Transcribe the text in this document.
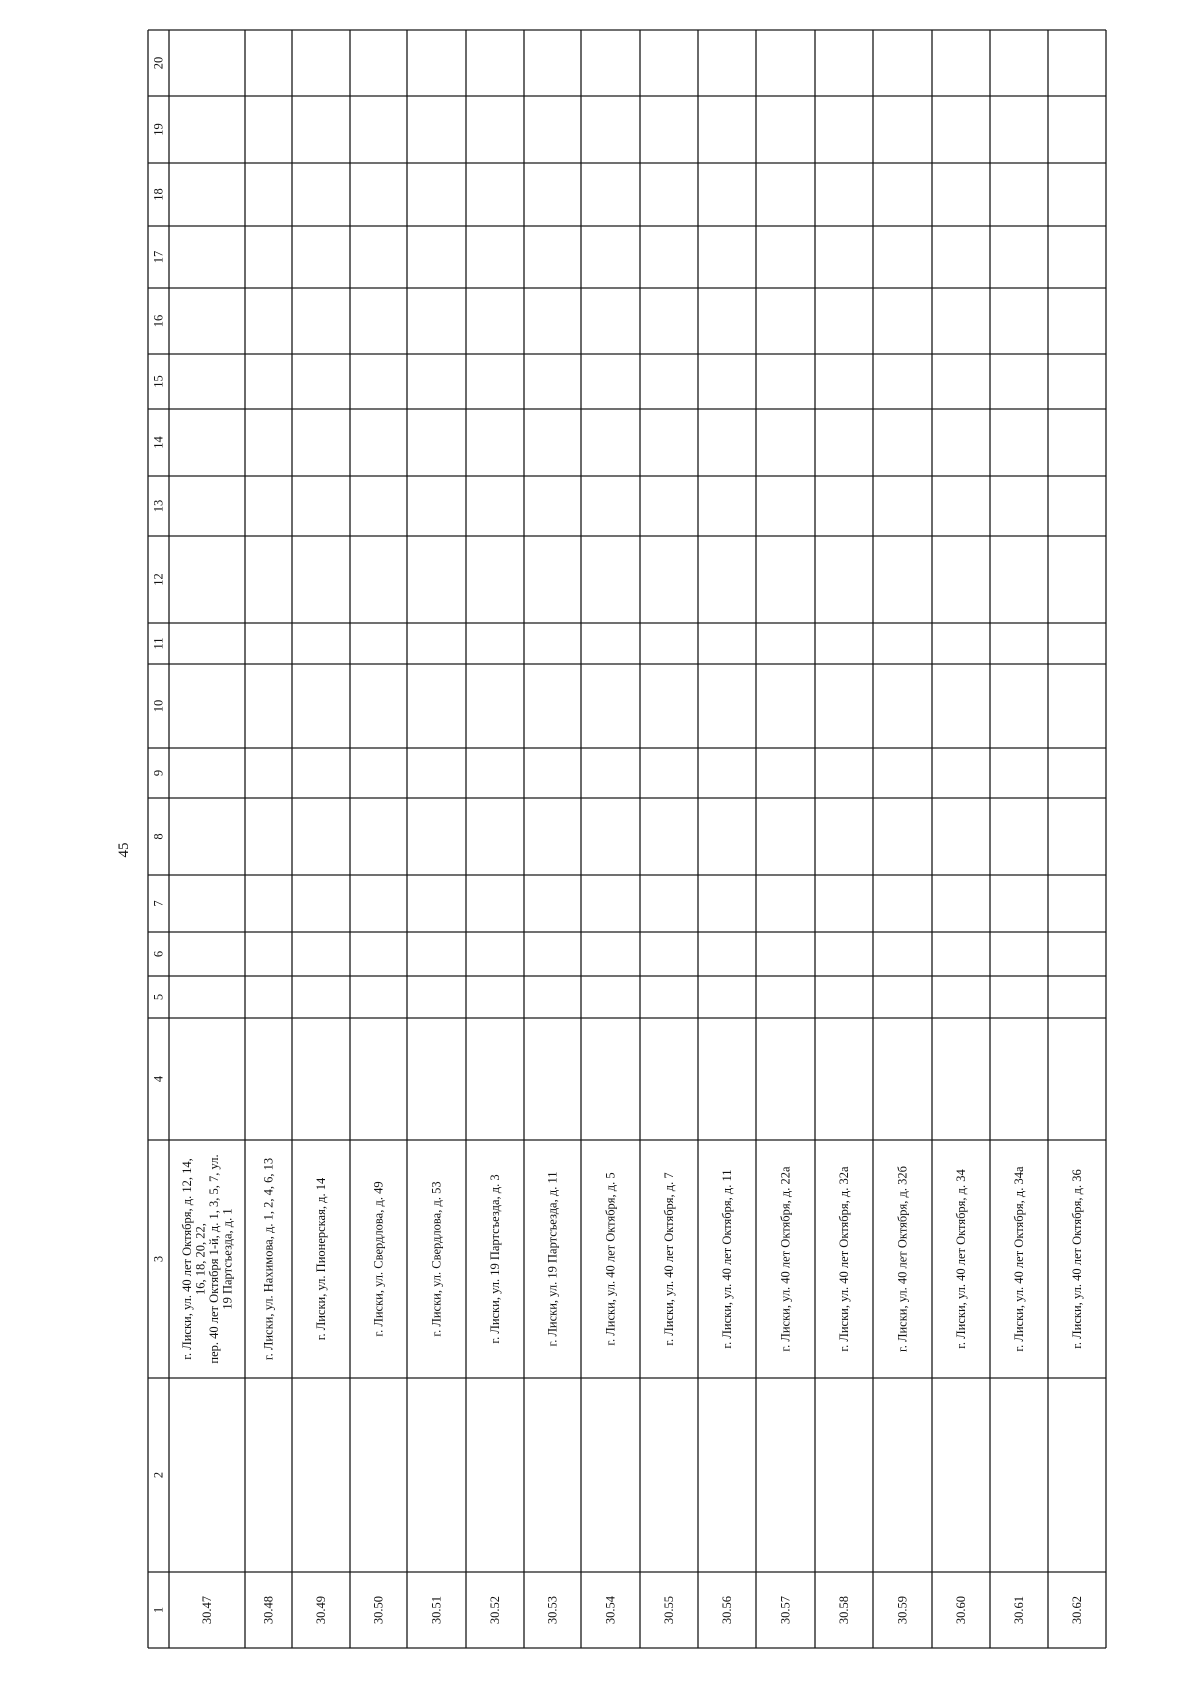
45
1
2
3
4
5
6
7
8
9
10
11
12
13
14
15
16
17
18
19
20
30.47
г. Лиски, ул. 40 лет Октября, д. 12, 14,16, 18, 20, 22,пер. 40 лет Октября 1-й, д. 1, 3, 5, 7, ул.19 Партсъезда, д. 1
30.48
г. Лиски, ул. Нахимова, д. 1, 2, 4, 6, 13
30.49
г. Лиски, ул. Пионерская, д. 14
30.50
г. Лиски, ул. Свердлова, д. 49
30.51
г. Лиски, ул. Свердлова, д. 53
30.52
г. Лиски, ул. 19 Партсъезда, д. 3
30.53
г. Лиски, ул. 19 Партсъезда, д. 11
30.54
г. Лиски, ул. 40 лет Октября, д. 5
30.55
г. Лиски, ул. 40 лет Октября, д. 7
30.56
г. Лиски, ул. 40 лет Октября, д. 11
30.57
г. Лиски, ул. 40 лет Октября, д. 22а
30.58
г. Лиски, ул. 40 лет Октября, д. 32а
30.59
г. Лиски, ул. 40 лет Октября, д. 32б
30.60
г. Лиски, ул. 40 лет Октября, д. 34
30.61
г. Лиски, ул. 40 лет Октября, д. 34а
30.62
г. Лиски, ул. 40 лет Октября, д. 36
